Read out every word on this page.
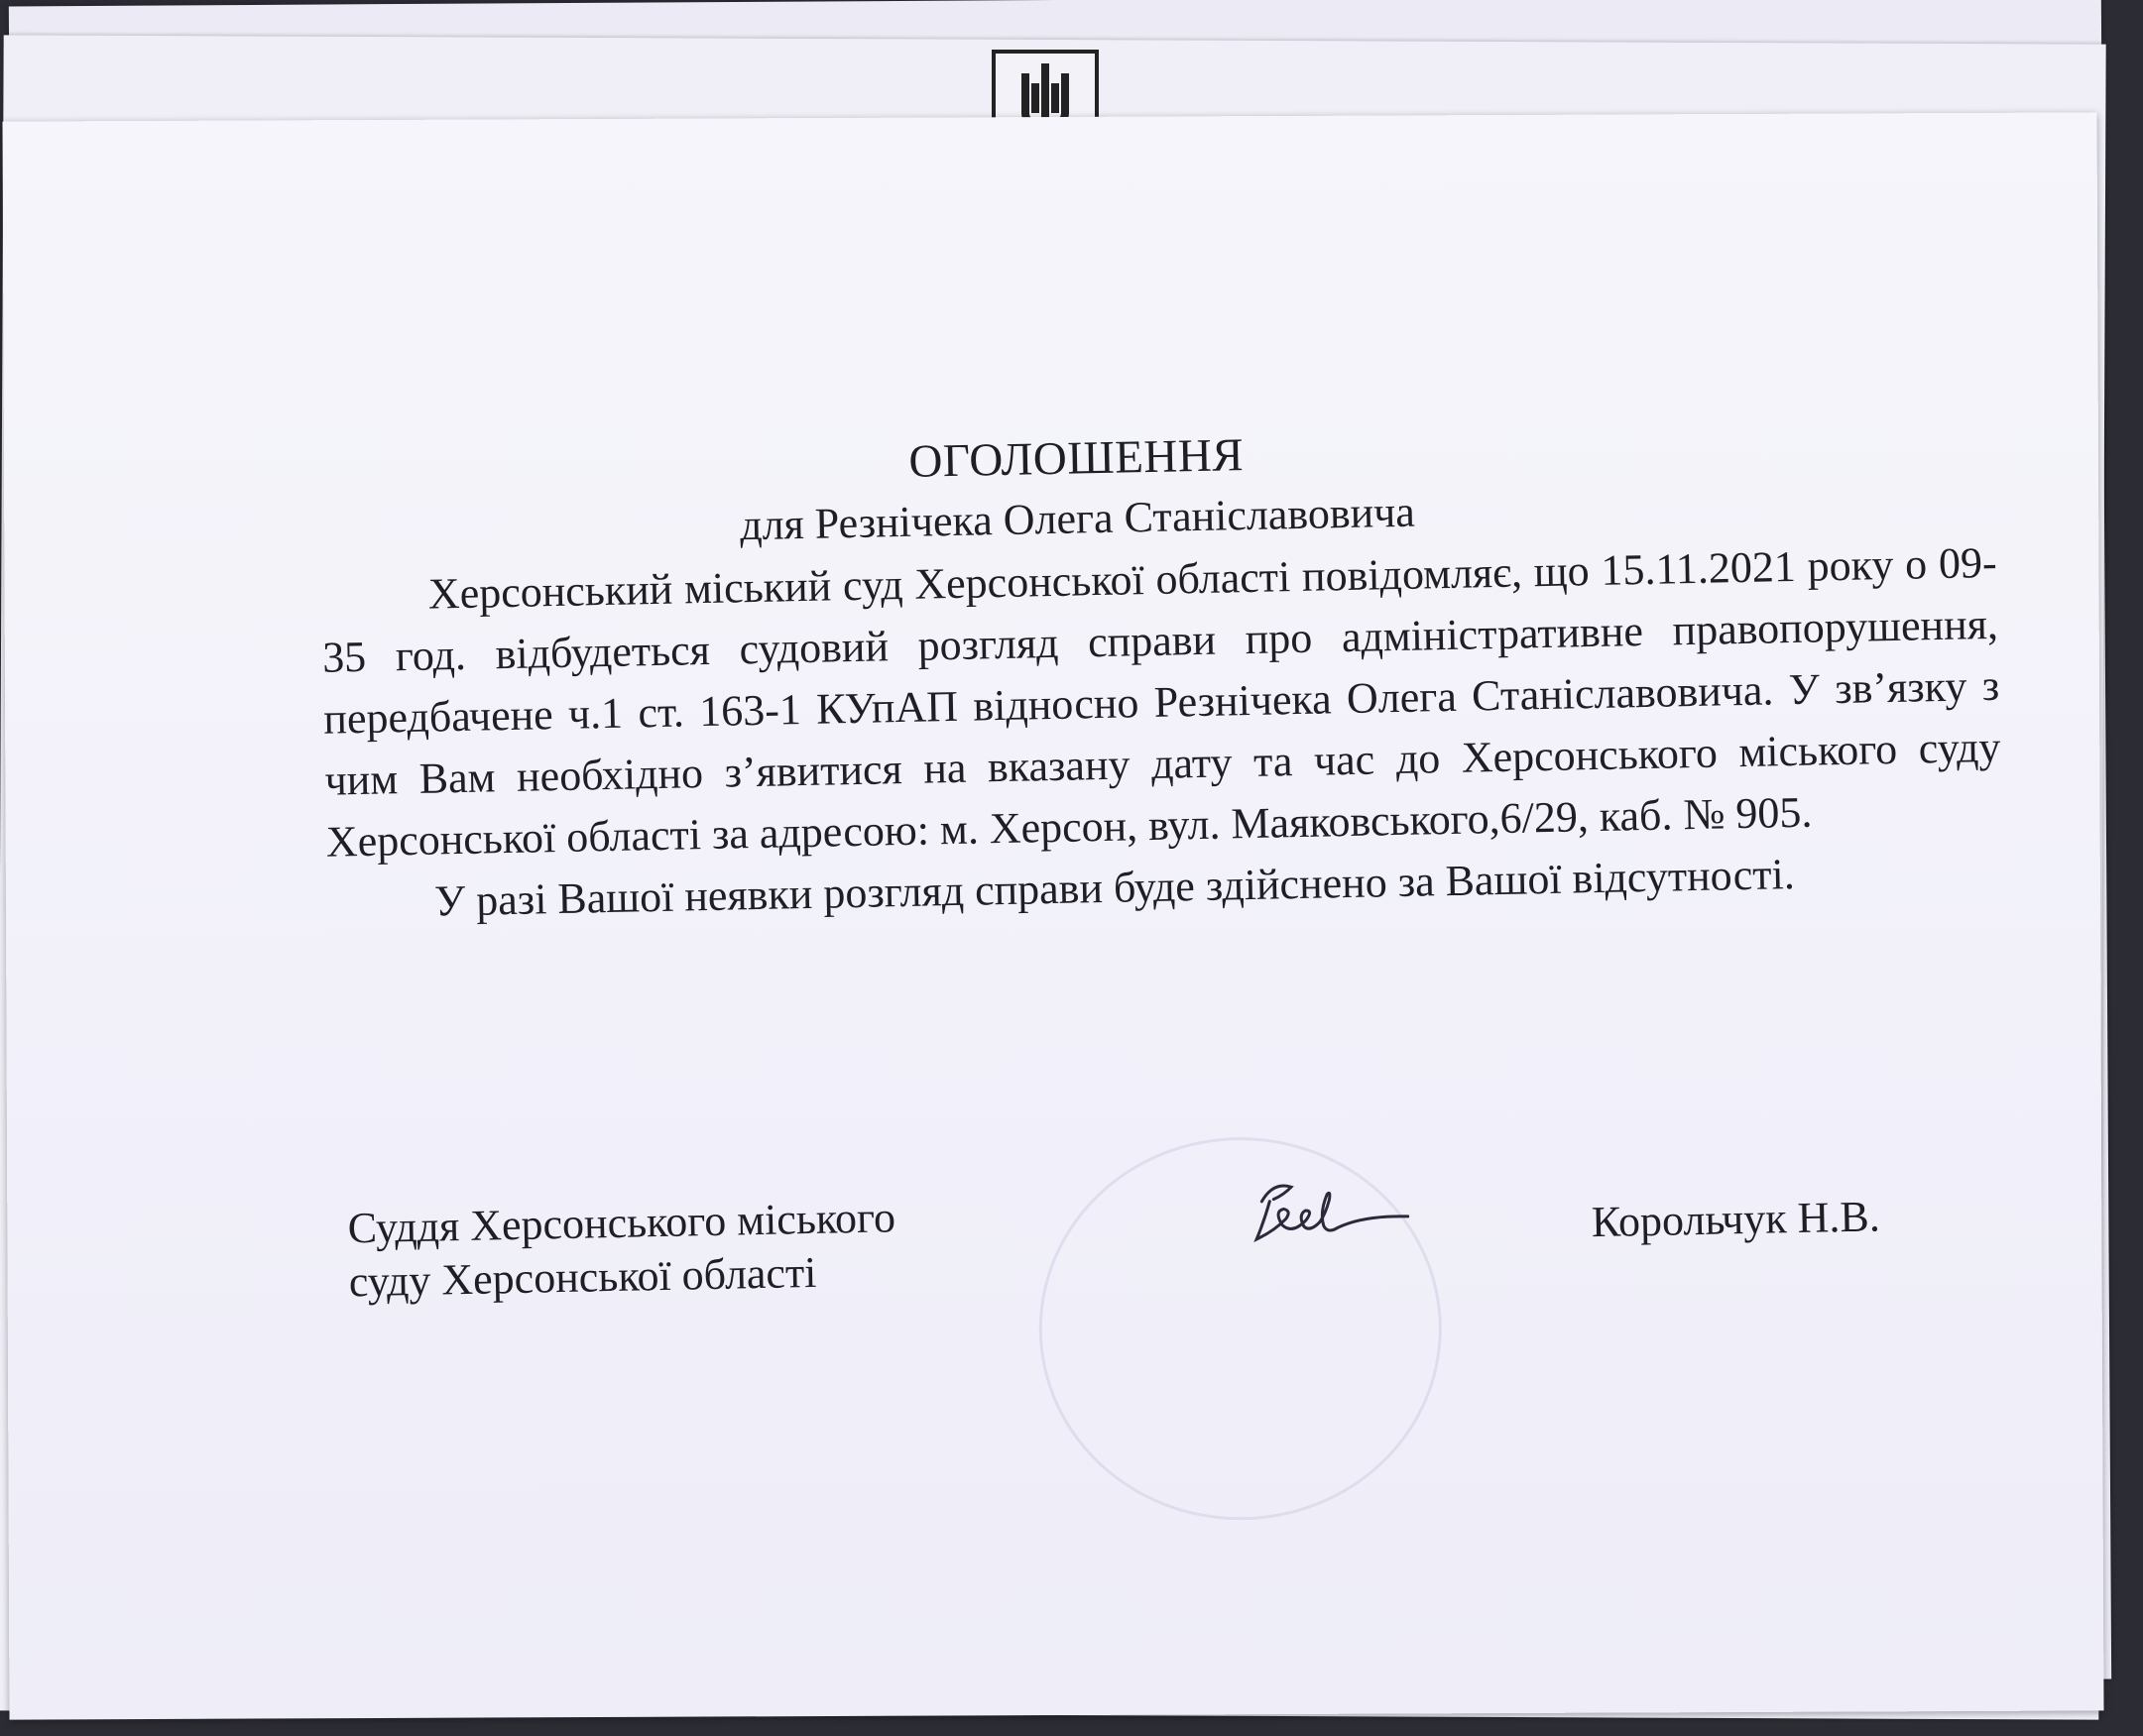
ОГОЛОШЕННЯ
для Резнічека Олега Станіславовича

Херсонський міський суд Херсонської області повідомляє, що 15.11.2021 року о 09-35 год. відбудеться судовий розгляд справи про адміністративне правопорушення, передбачене ч.1 ст. 163-1 КУпАП відносно Резнічека Олега Станіславовича. У зв’язку з чим Вам необхідно з’явитися на вказану дату та час до Херсонського міського суду Херсонської області за адресою: м. Херсон, вул. Маяковського,6/29, каб. № 905.

У разі Вашої неявки розгляд справи буде здійснено за Вашої відсутності.

Суддя Херсонського міського
суду Херсонської області
Корольчук Н.В.
